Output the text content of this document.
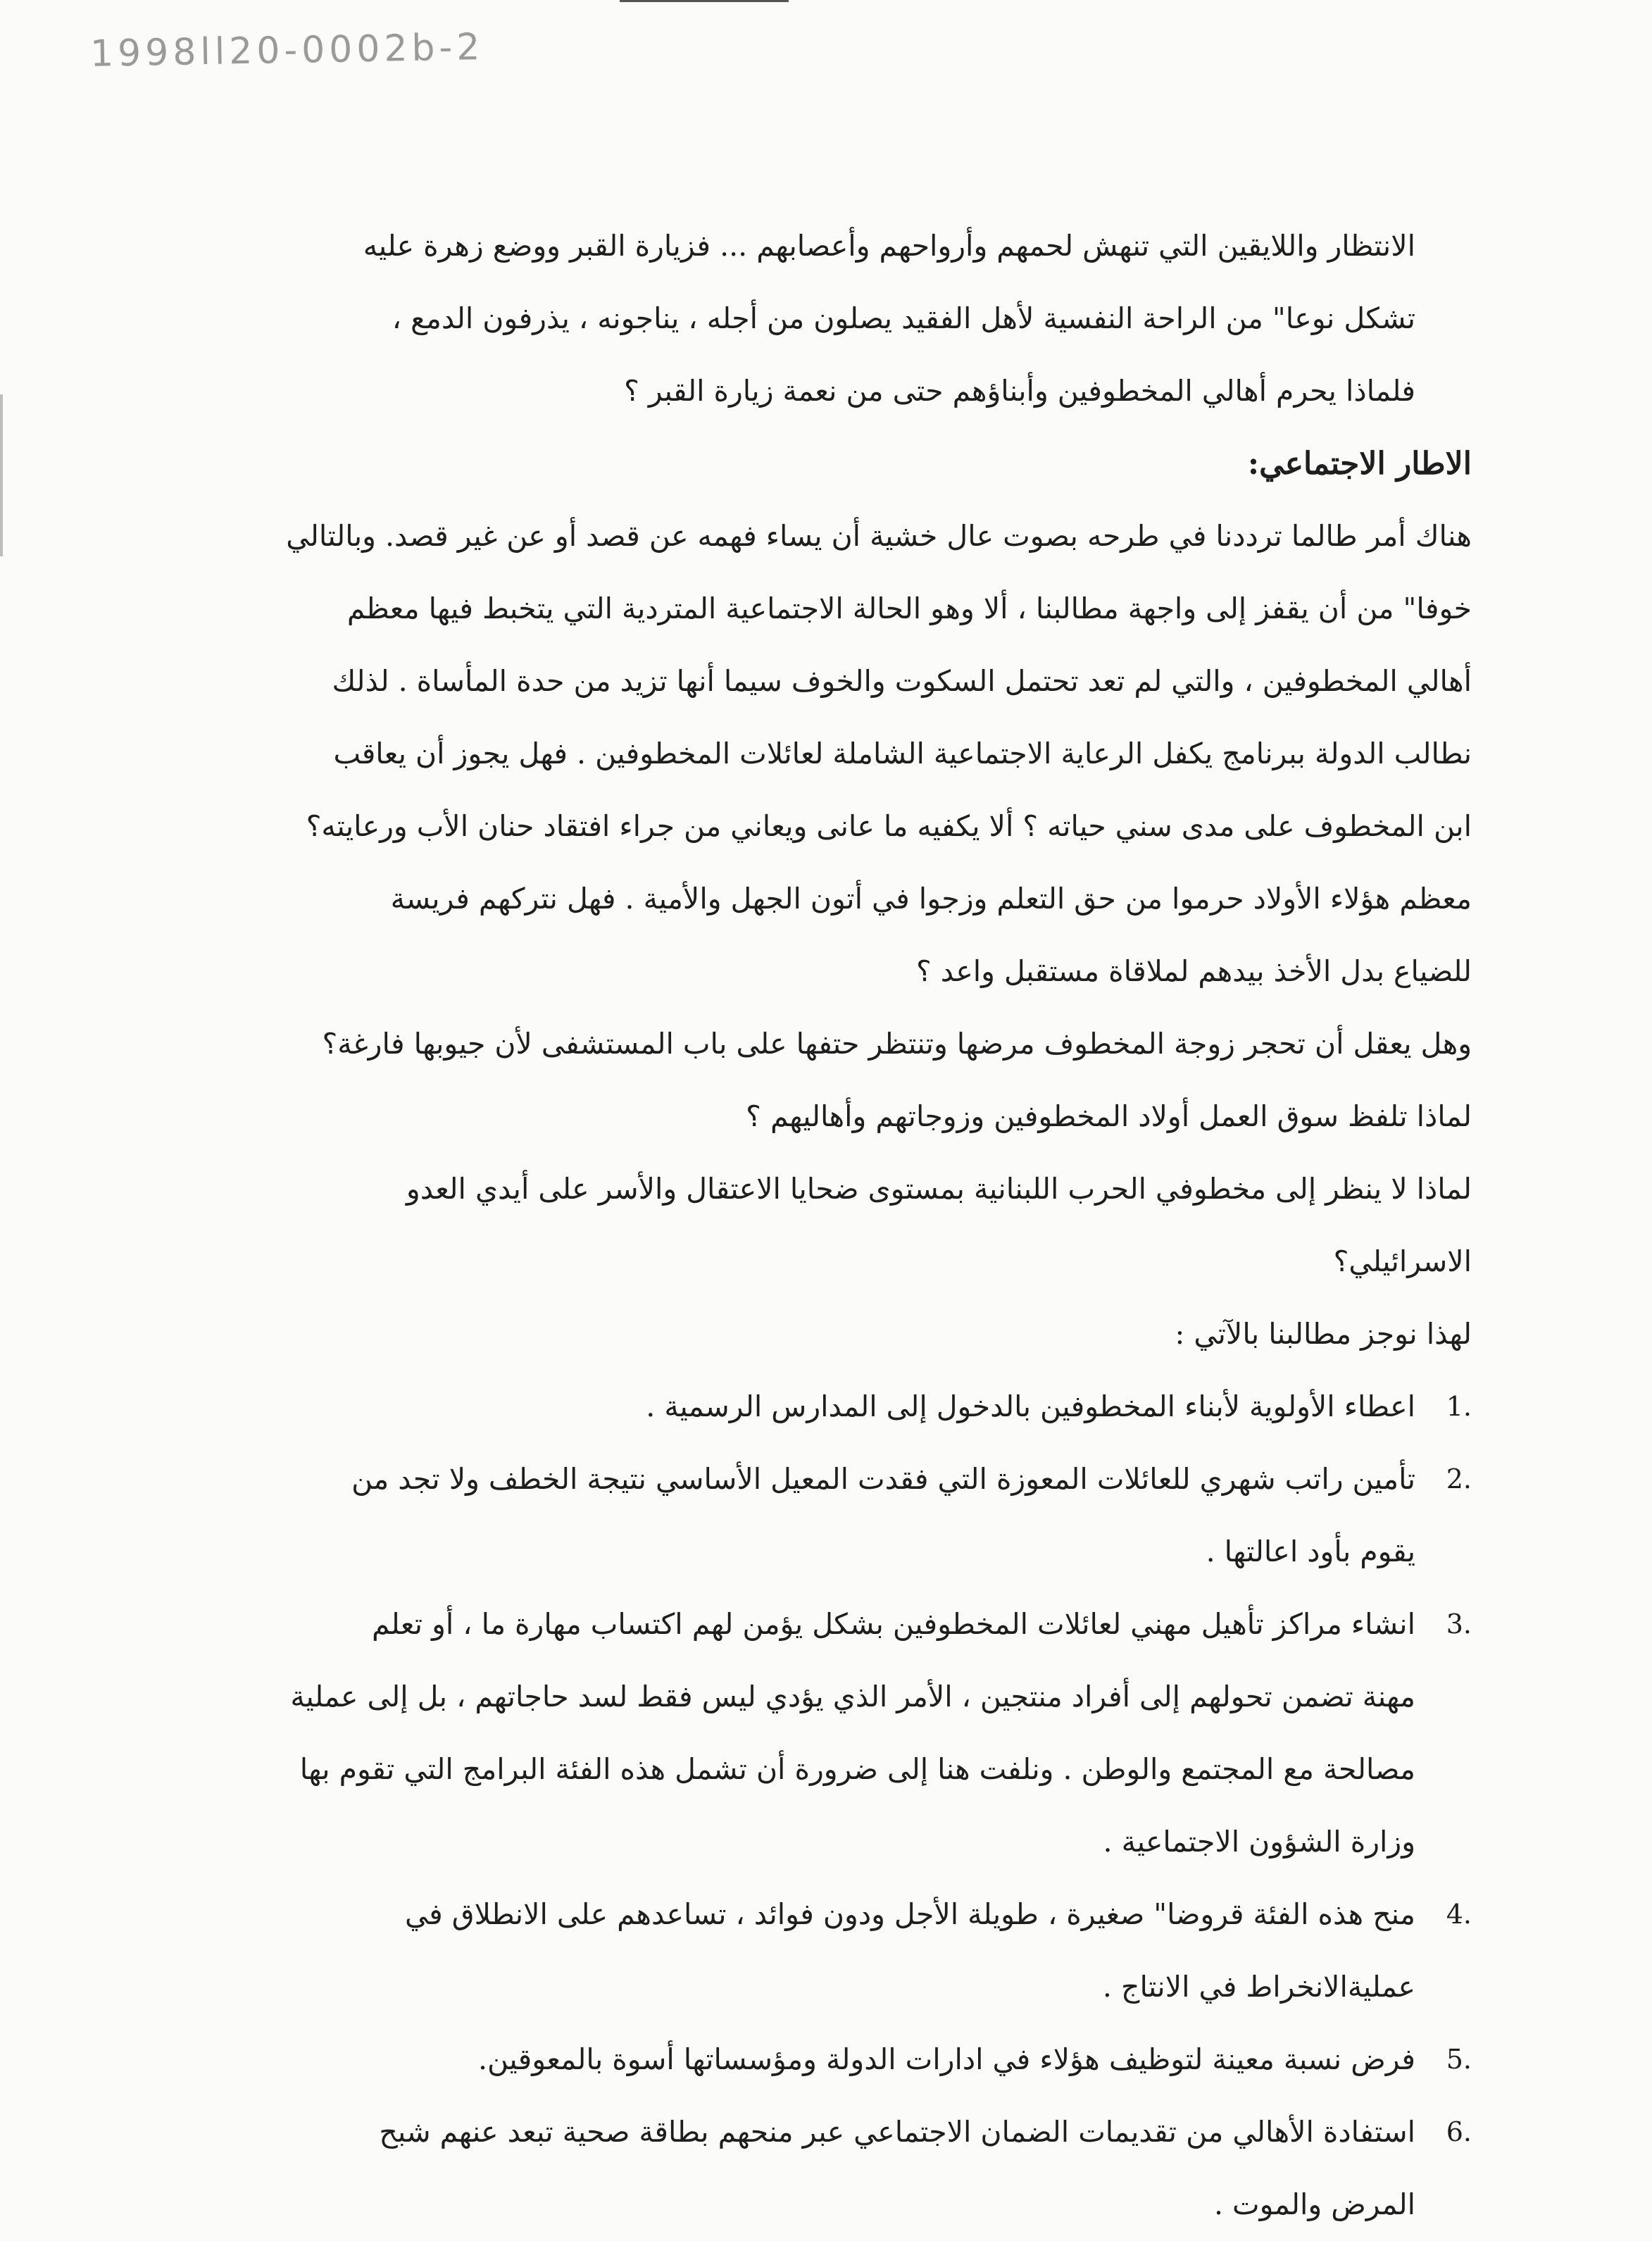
1998ll20-0002b-2

الانتظار واللايقين التي تنهش لحمهم وأرواحهم وأعصابهم ... فزيارة القبر ووضع زهرة عليه

تشكل نوعا" من الراحة النفسية لأهل الفقيد يصلون من أجله ، يناجونه ، يذرفون الدمع ،

فلماذا يحرم أهالي المخطوفين وأبناؤهم حتى من نعمة زيارة القبر ؟

الاطار الاجتماعي:

هناك أمر طالما ترددنا في طرحه بصوت عال خشية أن يساء فهمه عن قصد أو عن غير قصد. وبالتالي

خوفا" من أن يقفز إلى واجهة مطالبنا ، ألا وهو الحالة الاجتماعية المتردية التي يتخبط فيها معظم

أهالي المخطوفين ، والتي لم تعد تحتمل السكوت والخوف سيما أنها تزيد من حدة المأساة . لذلك

نطالب الدولة ببرنامج يكفل الرعاية الاجتماعية الشاملة لعائلات المخطوفين . فهل يجوز أن يعاقب

ابن المخطوف على مدى سني حياته ؟ ألا يكفيه ما عانى ويعاني من جراء افتقاد حنان الأب ورعايته؟

معظم هؤلاء الأولاد حرموا من حق التعلم وزجوا في أتون الجهل والأمية . فهل نتركهم فريسة

للضياع بدل الأخذ بيدهم لملاقاة مستقبل واعد ؟

وهل يعقل أن تحجر زوجة المخطوف مرضها وتنتظر حتفها على باب المستشفى لأن جيوبها فارغة؟

لماذا تلفظ سوق العمل أولاد المخطوفين وزوجاتهم وأهاليهم ؟

لماذا لا ينظر إلى مخطوفي الحرب اللبنانية بمستوى ضحايا الاعتقال والأسر على أيدي العدو

الاسرائيلي؟

لهذا نوجز مطالبنا بالآتي :

1.

اعطاء الأولوية لأبناء المخطوفين بالدخول إلى المدارس الرسمية .

2.

تأمين راتب شهري للعائلات المعوزة التي فقدت المعيل الأساسي نتيجة الخطف ولا تجد من

يقوم بأود اعالتها .

3.

انشاء مراكز تأهيل مهني لعائلات المخطوفين بشكل يؤمن لهم اكتساب مهارة ما ، أو تعلم

مهنة تضمن تحولهم إلى أفراد منتجين ، الأمر الذي يؤدي ليس فقط لسد حاجاتهم ، بل إلى عملية

مصالحة مع المجتمع والوطن . ونلفت هنا إلى ضرورة أن تشمل هذه الفئة البرامج التي تقوم بها

وزارة الشؤون الاجتماعية .

4.

منح هذه الفئة قروضا" صغيرة ، طويلة الأجل ودون فوائد ، تساعدهم على الانطلاق في

عمليةالانخراط في الانتاج .

5.

فرض نسبة معينة لتوظيف هؤلاء في ادارات الدولة ومؤسساتها أسوة بالمعوقين.

6.

استفادة الأهالي من تقديمات الضمان الاجتماعي عبر منحهم بطاقة صحية تبعد عنهم شبح

المرض والموت .
